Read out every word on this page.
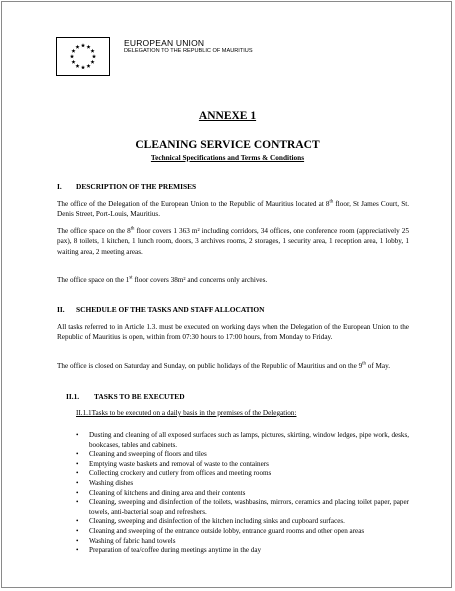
EUROPEAN UNION
DELEGATION TO THE REPUBLIC OF MAURITIUS
ANNEXE 1
CLEANING SERVICE CONTRACT
Technical Specifications and Terms & Conditions
I. DESCRIPTION OF THE PREMISES
The office of the Delegation of the European Union to the Republic of Mauritius located at 8th floor, St James Court, St. Denis Street, Port-Louis, Mauritius.
The office space on the 8th floor covers 1 363 m² including corridors, 34 offices, one conference room (appreciatively 25 pax), 8 toilets, 1 kitchen, 1 lunch room, doors, 3 archives rooms, 2 storages, 1 security area, 1 reception area, 1 lobby, 1 waiting area, 2 meeting areas.
The office space on the 1st floor covers 38m² and concerns only archives.
II. SCHEDULE OF THE TASKS AND STAFF ALLOCATION
All tasks referred to in Article 1.3. must be executed on working days when the Delegation of the European Union to the Republic of Mauritius is open, within from 07:30 hours to 17:00 hours, from Monday to Friday.
The office is closed on Saturday and Sunday, on public holidays of the Republic of Mauritius and on the 9th of May.
II.1. TASKS TO BE EXECUTED
II.1.1Tasks to be executed on a daily basis in the premises of the Delegation:
• Dusting and cleaning of all exposed surfaces such as lamps, pictures, skirting, window ledges, pipe work, desks, bookcases, tables and cabinets.
• Cleaning and sweeping of floors and tiles
• Emptying waste baskets and removal of waste to the containers
• Collecting crockery and cutlery from offices and meeting rooms
• Washing dishes
• Cleaning of kitchens and dining area and their contents
• Cleaning, sweeping and disinfection of the toilets, washbasins, mirrors, ceramics and placing toilet paper, paper towels, anti-bacterial soap and refreshers.
• Cleaning, sweeping and disinfection of the kitchen including sinks and cupboard surfaces.
• Cleaning and sweeping of the entrance outside lobby, entrance guard rooms and other open areas
• Washing of fabric hand towels
• Preparation of tea/coffee during meetings anytime in the day
